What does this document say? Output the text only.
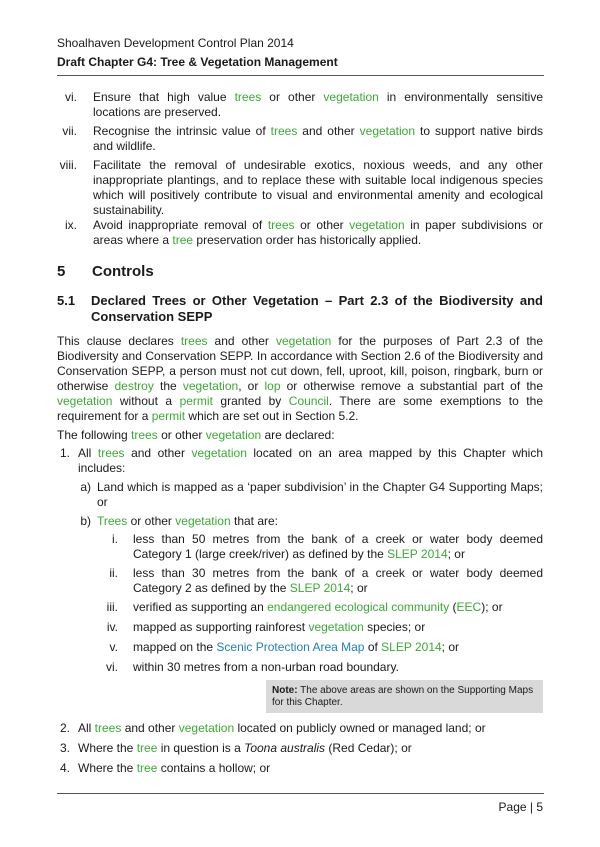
Shoalhaven Development Control Plan 2014
Draft Chapter G4: Tree & Vegetation Management
vi. Ensure that high value trees or other vegetation in environmentally sensitive locations are preserved.
vii. Recognise the intrinsic value of trees and other vegetation to support native birds and wildlife.
viii. Facilitate the removal of undesirable exotics, noxious weeds, and any other inappropriate plantings, and to replace these with suitable local indigenous species which will positively contribute to visual and environmental amenity and ecological sustainability.
ix. Avoid inappropriate removal of trees or other vegetation in paper subdivisions or areas where a tree preservation order has historically applied.
5 Controls
5.1	Declared Trees or Other Vegetation – Part 2.3 of the Biodiversity and Conservation SEPP
This clause declares trees and other vegetation for the purposes of Part 2.3 of the Biodiversity and Conservation SEPP. In accordance with Section 2.6 of the Biodiversity and Conservation SEPP, a person must not cut down, fell, uproot, kill, poison, ringbark, burn or otherwise destroy the vegetation, or lop or otherwise remove a substantial part of the vegetation without a permit granted by Council. There are some exemptions to the requirement for a permit which are set out in Section 5.2.
The following trees or other vegetation are declared:
1. All trees and other vegetation located on an area mapped by this Chapter which includes:
a) Land which is mapped as a ‘paper subdivision’ in the Chapter G4 Supporting Maps; or
b) Trees or other vegetation that are:
i. less than 50 metres from the bank of a creek or water body deemed Category 1 (large creek/river) as defined by the SLEP 2014; or
ii. less than 30 metres from the bank of a creek or water body deemed Category 2 as defined by the SLEP 2014; or
iii. verified as supporting an endangered ecological community (EEC); or
iv. mapped as supporting rainforest vegetation species; or
v. mapped on the Scenic Protection Area Map of SLEP 2014; or
vi. within 30 metres from a non-urban road boundary.
Note: The above areas are shown on the Supporting Maps for this Chapter.
2. All trees and other vegetation located on publicly owned or managed land; or
3. Where the tree in question is a Toona australis (Red Cedar); or
4. Where the tree contains a hollow; or
Page | 5
